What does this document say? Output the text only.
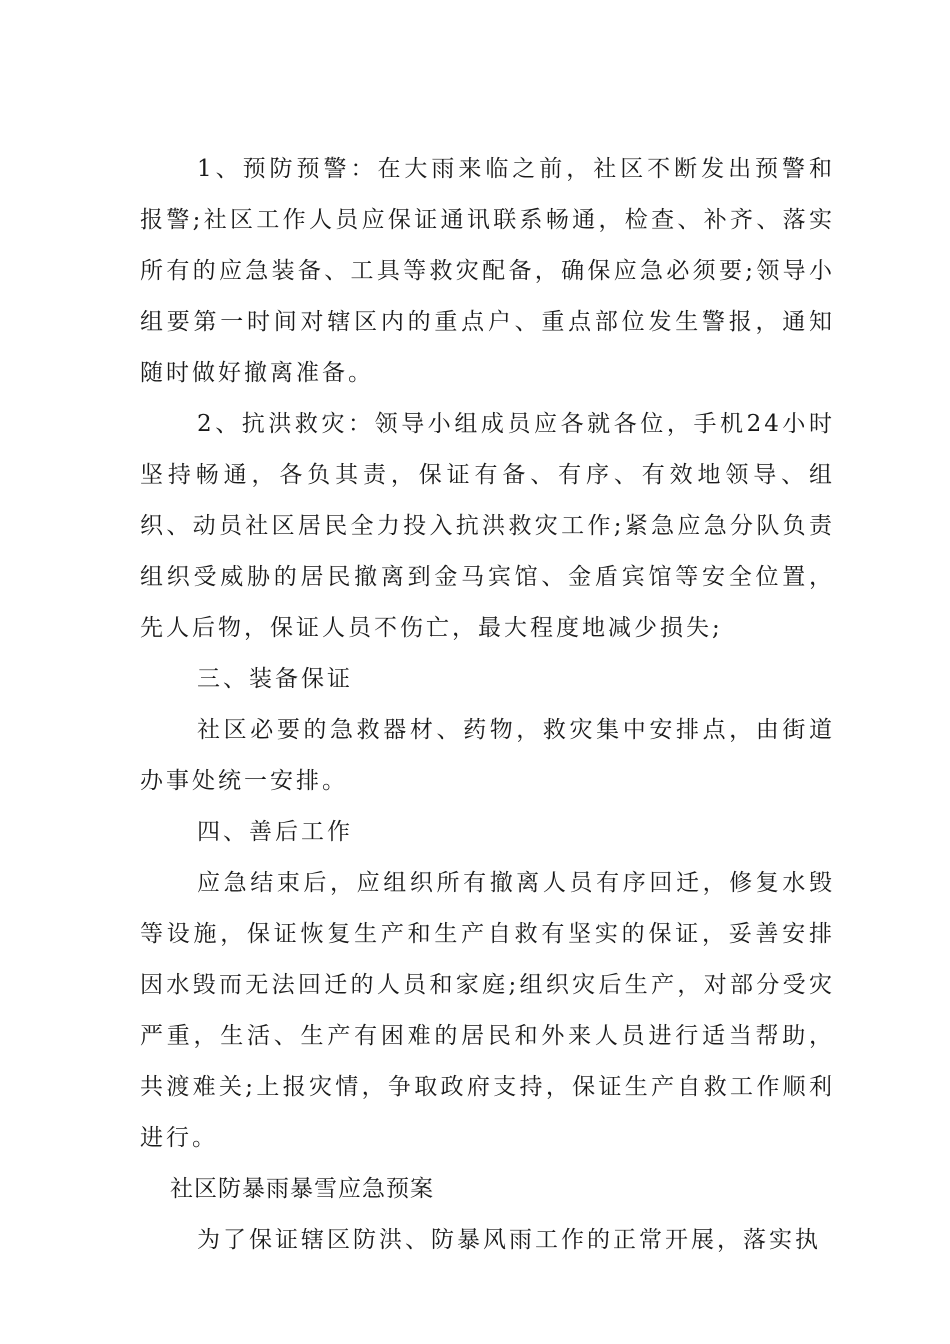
1、预防预警：在大雨来临之前，社区不断发出预警和报警;社区工作人员应保证通讯联系畅通，检查、补齐、落实所有的应急装备、工具等救灾配备，确保应急必须要;领导小组要第一时间对辖区内的重点户、重点部位发生警报，通知随时做好撤离准备。

2、抗洪救灾：领导小组成员应各就各位，手机24小时坚持畅通，各负其责，保证有备、有序、有效地领导、组织、动员社区居民全力投入抗洪救灾工作;紧急应急分队负责组织受威胁的居民撤离到金马宾馆、金盾宾馆等安全位置，先人后物，保证人员不伤亡，最大程度地减少损失;

三、装备保证

社区必要的急救器材、药物，救灾集中安排点，由街道办事处统一安排。

四、善后工作

应急结束后，应组织所有撤离人员有序回迁，修复水毁等设施，保证恢复生产和生产自救有坚实的保证，妥善安排因水毁而无法回迁的人员和家庭;组织灾后生产，对部分受灾严重，生活、生产有困难的居民和外来人员进行适当帮助，共渡难关;上报灾情，争取政府支持，保证生产自救工作顺利进行。

社区防暴雨暴雪应急预案

为了保证辖区防洪、防暴风雨工作的正常开展，落实执
